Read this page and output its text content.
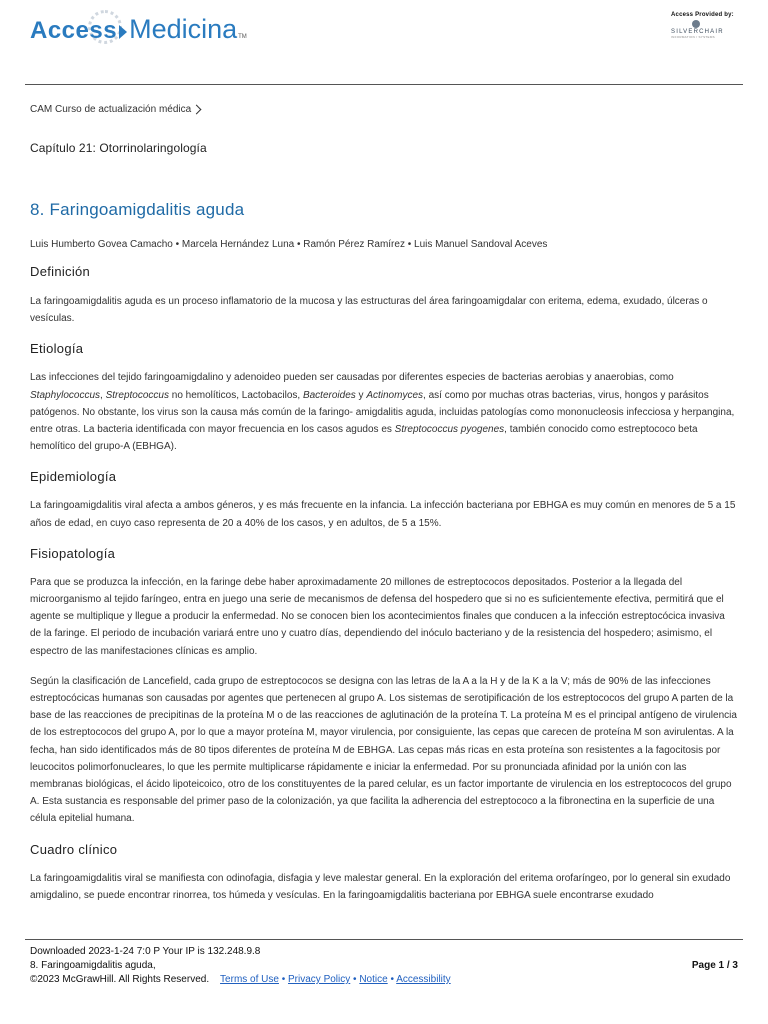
Access Medicina TM
Access Provided by:
SILVERCHAIR
INFORMATION / SYSTEMS
CAM Curso de actualización médica
Capítulo 21: Otorrinolaringología
8. Faringoamigdalitis aguda
Luis Humberto Govea Camacho • Marcela Hernández Luna • Ramón Pérez Ramírez • Luis Manuel Sandoval Aceves
Definición

La faringoamigdalitis aguda es un proceso inflamatorio de la mucosa y las estructuras del área faringoamigdalar con eritema, edema, exudado, úlceras o vesículas.

Etiología

Las infecciones del tejido faringoamigdalino y adenoideo pueden ser causadas por diferentes especies de bacterias aerobias y anaerobias, como Staphylococcus, Streptococcus no hemolíticos, Lactobacilos, Bacteroides y Actinomyces, así como por muchas otras bacterias, virus, hongos y parásitos patógenos. No obstante, los virus son la causa más común de la faringo- amigdalitis aguda, incluidas patologías como mononucleosis infecciosa y herpangina, entre otras. La bacteria identificada con mayor frecuencia en los casos agudos es Streptococcus pyogenes, también conocido como estreptococo beta hemolítico del grupo-A (EBHGA).

Epidemiología

La faringoamigdalitis viral afecta a ambos géneros, y es más frecuente en la infancia. La infección bacteriana por EBHGA es muy común en menores de 5 a 15 años de edad, en cuyo caso representa de 20 a 40% de los casos, y en adultos, de 5 a 15%.

Fisiopatología

Para que se produzca la infección, en la faringe debe haber aproximadamente 20 millones de estreptococos depositados. Posterior a la llegada del microorganismo al tejido faríngeo, entra en juego una serie de mecanismos de defensa del hospedero que si no es suficientemente efectiva, permitirá que el agente se multiplique y llegue a producir la enfermedad. No se conocen bien los acontecimientos finales que conducen a la infección estreptocócica invasiva de la faringe. El periodo de incubación variará entre uno y cuatro días, dependiendo del inóculo bacteriano y de la resistencia del hospedero; asimismo, el espectro de las manifestaciones clínicas es amplio.

Según la clasificación de Lancefield, cada grupo de estreptococos se designa con las letras de la A a la H y de la K a la V; más de 90% de las infecciones estreptocócicas humanas son causadas por agentes que pertenecen al grupo A. Los sistemas de serotipificación de los estreptococos del grupo A parten de la base de las reacciones de precipitinas de la proteína M o de las reacciones de aglutinación de la proteína T. La proteína M es el principal antígeno de virulencia de los estreptococos del grupo A, por lo que a mayor proteína M, mayor virulencia, por consiguiente, las cepas que carecen de proteína M son avirulentas. A la fecha, han sido identificados más de 80 tipos diferentes de proteína M de EBHGA. Las cepas más ricas en esta proteína son resistentes a la fagocitosis por leucocitos polimorfonucleares, lo que les permite multiplicarse rápidamente e iniciar la enfermedad. Por su pronunciada afinidad por la unión con las membranas biológicas, el ácido lipoteicoico, otro de los constituyentes de la pared celular, es un factor importante de virulencia en los estreptococos del grupo A. Esta sustancia es responsable del primer paso de la colonización, ya que facilita la adherencia del estreptococo a la fibronectina en la superficie de una célula epitelial humana.

Cuadro clínico

La faringoamigdalitis viral se manifiesta con odinofagia, disfagia y leve malestar general. En la exploración del eritema orofaríngeo, por lo general sin exudado amigdalino, se puede encontrar rinorrea, tos húmeda y vesículas. En la faringoamigdalitis bacteriana por EBHGA suele encontrarse exudado

Downloaded 2023-1-24 7:0 P Your IP is 132.248.9.8
8. Faringoamigdalitis aguda,
©2023 McGrawHill. All Rights Reserved. Terms of Use • Privacy Policy • Notice • Accessibility
Page 1 / 3
